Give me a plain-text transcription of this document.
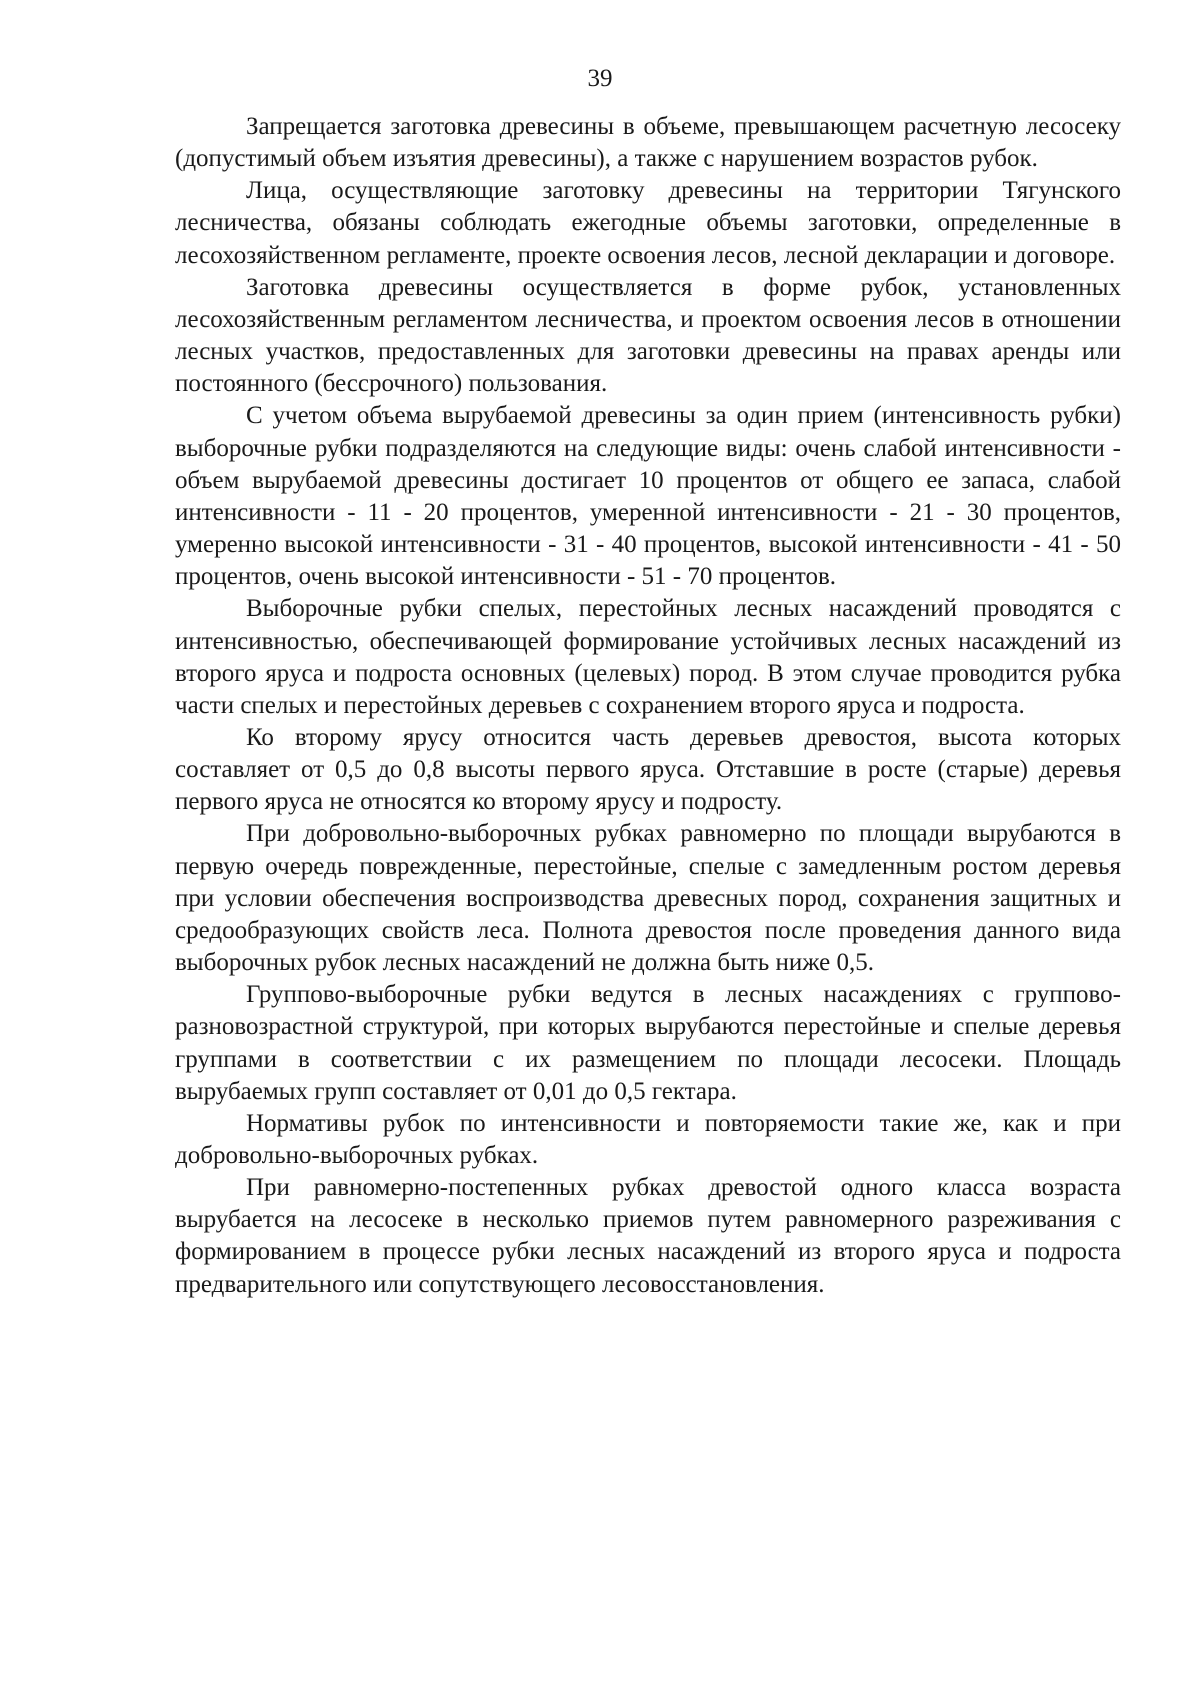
39

Запрещается заготовка древесины в объеме, превышающем расчетную лесосеку (допустимый объем изъятия древесины), а также с нарушением возрастов рубок.

Лица, осуществляющие заготовку древесины на территории Тягунского лесничества, обязаны соблюдать ежегодные объемы заготовки, определенные в лесохозяйственном регламенте, проекте освоения лесов, лесной декларации и договоре.

Заготовка древесины осуществляется в форме рубок, установленных лесохозяйственным регламентом лесничества, и проектом освоения лесов в отношении лесных участков, предоставленных для заготовки древесины на правах аренды или постоянного (бессрочного) пользования.

С учетом объема вырубаемой древесины за один прием (интенсивность рубки) выборочные рубки подразделяются на следующие виды: очень слабой интенсивности - объем вырубаемой древесины достигает 10 процентов от общего ее запаса, слабой интенсивности - 11 - 20 процентов, умеренной интенсивности - 21 - 30 процентов, умеренно высокой интенсивности - 31 - 40 процентов, высокой интенсивности - 41 - 50 процентов, очень высокой интенсивности - 51 - 70 процентов.

Выборочные рубки спелых, перестойных лесных насаждений проводятся с интенсивностью, обеспечивающей формирование устойчивых лесных насаждений из второго яруса и подроста основных (целевых) пород. В этом случае проводится рубка части спелых и перестойных деревьев с сохранением второго яруса и подроста.

Ко второму ярусу относится часть деревьев древостоя, высота которых составляет от 0,5 до 0,8 высоты первого яруса. Отставшие в росте (старые) деревья первого яруса не относятся ко второму ярусу и подросту.

При добровольно-выборочных рубках равномерно по площади вырубаются в первую очередь поврежденные, перестойные, спелые с замедленным ростом деревья при условии обеспечения воспроизводства древесных пород, сохранения защитных и средообразующих свойств леса. Полнота древостоя после проведения данного вида выборочных рубок лесных насаждений не должна быть ниже 0,5.

Группово-выборочные рубки ведутся в лесных насаждениях с группово-разновозрастной структурой, при которых вырубаются перестойные и спелые деревья группами в соответствии с их размещением по площади лесосеки. Площадь вырубаемых групп составляет от 0,01 до 0,5 гектара.

Нормативы рубок по интенсивности и повторяемости такие же, как и при добровольно-выборочных рубках.

При равномерно-постепенных рубках древостой одного класса возраста вырубается на лесосеке в несколько приемов путем равномерного разреживания с формированием в процессе рубки лесных насаждений из второго яруса и подроста предварительного или сопутствующего лесовосстановления.
